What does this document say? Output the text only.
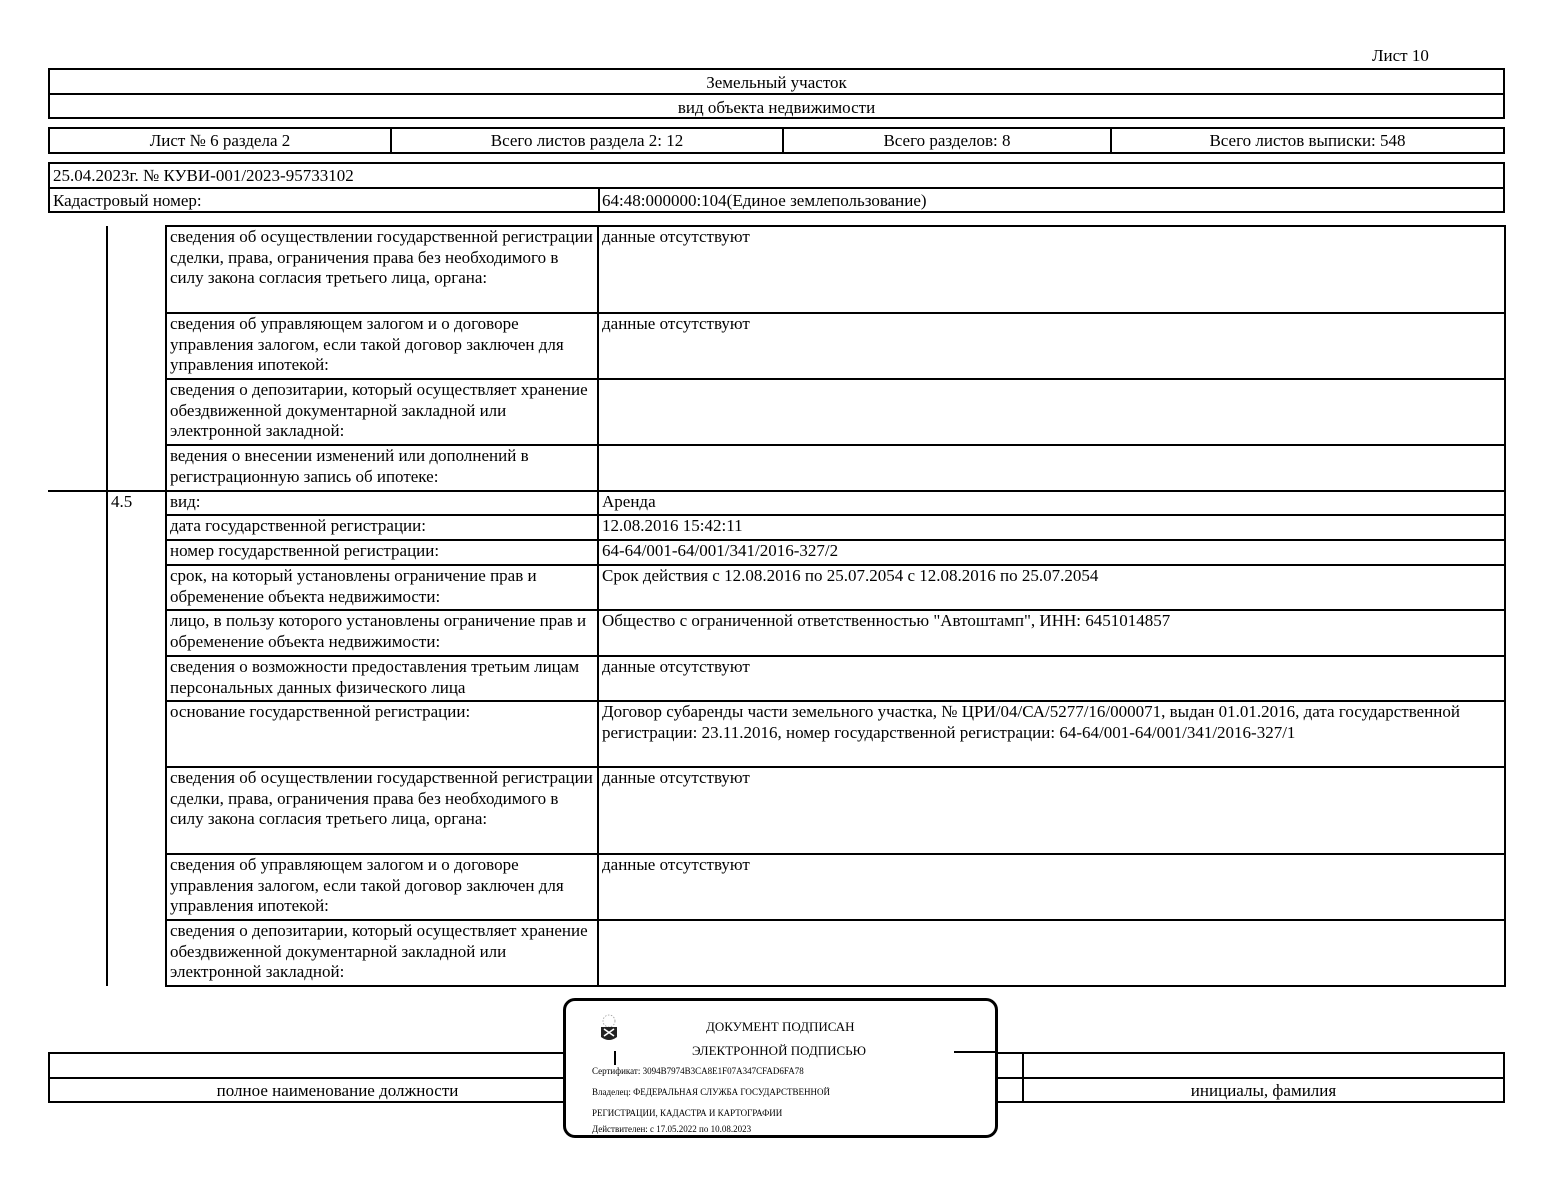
Лист 10
Земельный участок
вид объекта недвижимости
Лист № 6 раздела 2	Всего листов раздела 2: 12	Всего разделов: 8	Всего листов выписки: 548
25.04.2023г. № КУВИ-001/2023-95733102
Кадастровый номер:	64:48:000000:104(Единое землепользование)
		сведения об осуществлении государственной регистрации сделки, права, ограничения права без необходимого в силу закона согласия третьего лица, органа:	данные отсутствуют
		сведения об управляющем залогом и о договоре управления залогом, если такой договор заключен для управления ипотекой:	данные отсутствуют
		сведения о депозитарии, который осуществляет хранение обездвиженной документарной закладной или электронной закладной:	
		ведения о внесении изменений или дополнений в регистрационную запись об ипотеке:	
	4.5	вид:	Аренда
		дата государственной регистрации:	12.08.2016 15:42:11
		номер государственной регистрации:	64-64/001-64/001/341/2016-327/2
		срок, на который установлены ограничение прав и обременение объекта недвижимости:	Срок действия с 12.08.2016 по 25.07.2054 с 12.08.2016 по 25.07.2054
		лицо, в пользу которого установлены ограничение прав и обременение объекта недвижимости:	Общество с ограниченной ответственностью "Автоштамп", ИНН: 6451014857
		сведения о возможности предоставления третьим лицам персональных данных физического лица	данные отсутствуют
		основание государственной регистрации:	Договор субаренды части земельного участка, № ЦРИ/04/СА/5277/16/000071, выдан 01.01.2016, дата государственной регистрации: 23.11.2016, номер государственной регистрации: 64-64/001-64/001/341/2016-327/1
		сведения об осуществлении государственной регистрации сделки, права, ограничения права без необходимого в силу закона согласия третьего лица, органа:	данные отсутствуют
		сведения об управляющем залогом и о договоре управления залогом, если такой договор заключен для управления ипотекой:	данные отсутствуют
		сведения о депозитарии, который осуществляет хранение обездвиженной документарной закладной или электронной закладной:	
полное наименование должности	инициалы, фамилия
ДОКУМЕНТ ПОДПИСАН
ЭЛЕКТРОННОЙ ПОДПИСЬЮ
Сертификат: 3094B7974B3CA8E1F07A347CFAD6FA78
Владелец: ФЕДЕРАЛЬНАЯ СЛУЖБА ГОСУДАРСТВЕННОЙ
РЕГИСТРАЦИИ, КАДАСТРА И КАРТОГРАФИИ
Действителен: с 17.05.2022 по 10.08.2023
